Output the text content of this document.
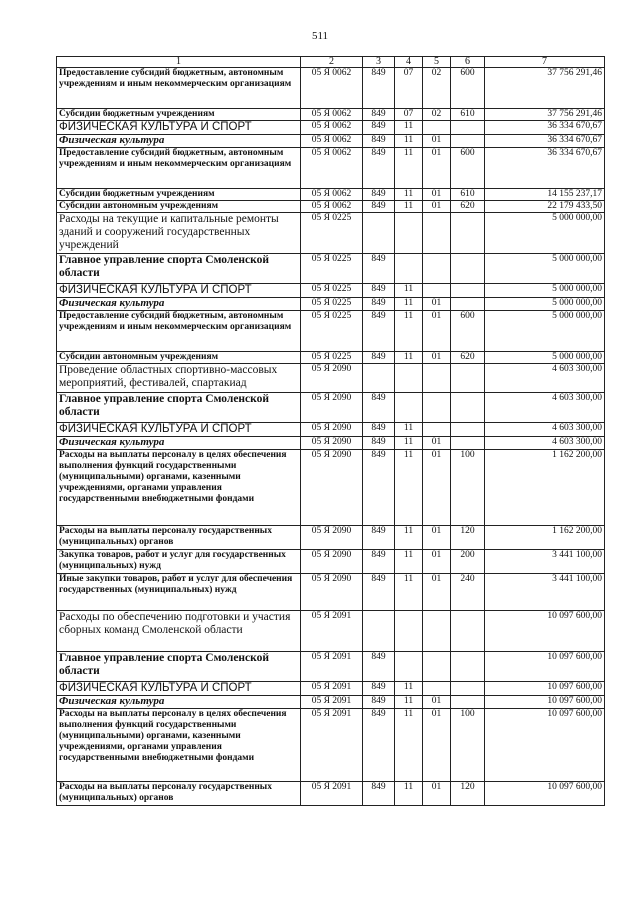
511
1	2	3	4	5	6	7
Предоставление субсидий бюджетным, автономным учреждениям и иным некоммерческим организациям	05 Я 0062	849	07	02	600	37 756 291,46
Субсидии бюджетным учреждениям	05 Я 0062	849	07	02	610	37 756 291,46
ФИЗИЧЕСКАЯ КУЛЬТУРА И СПОРТ	05 Я 0062	849	11			36 334 670,67
Физическая культура	05 Я 0062	849	11	01		36 334 670,67
Предоставление субсидий бюджетным, автономным учреждениям и иным некоммерческим организациям	05 Я 0062	849	11	01	600	36 334 670,67
Субсидии бюджетным учреждениям	05 Я 0062	849	11	01	610	14 155 237,17
Субсидии автономным учреждениям	05 Я 0062	849	11	01	620	22 179 433,50
Расходы на текущие и капитальные ремонты зданий и сооружений государственных учреждений	05 Я 0225					5 000 000,00
Главное управление спорта Смоленской области	05 Я 0225	849				5 000 000,00
ФИЗИЧЕСКАЯ КУЛЬТУРА И СПОРТ	05 Я 0225	849	11			5 000 000,00
Физическая культура	05 Я 0225	849	11	01		5 000 000,00
Предоставление субсидий бюджетным, автономным учреждениям и иным некоммерческим организациям	05 Я 0225	849	11	01	600	5 000 000,00
Субсидии автономным учреждениям	05 Я 0225	849	11	01	620	5 000 000,00
Проведение областных спортивно-массовых мероприятий, фестивалей, спартакиад	05 Я 2090					4 603 300,00
Главное управление спорта Смоленской области	05 Я 2090	849				4 603 300,00
ФИЗИЧЕСКАЯ КУЛЬТУРА И СПОРТ	05 Я 2090	849	11			4 603 300,00
Физическая культура	05 Я 2090	849	11	01		4 603 300,00
Расходы на выплаты персоналу в целях обеспечения выполнения функций государственными (муниципальными) органами, казенными учреждениями, органами управления государственными внебюджетными фондами	05 Я 2090	849	11	01	100	1 162 200,00
Расходы на выплаты персоналу государственных (муниципальных) органов	05 Я 2090	849	11	01	120	1 162 200,00
Закупка товаров, работ и услуг для государственных (муниципальных) нужд	05 Я 2090	849	11	01	200	3 441 100,00
Иные закупки товаров, работ и услуг для обеспечения государственных (муниципальных) нужд	05 Я 2090	849	11	01	240	3 441 100,00
Расходы по обеспечению подготовки и участия сборных команд Смоленской области	05 Я 2091					10 097 600,00
Главное управление спорта Смоленской области	05 Я 2091	849				10 097 600,00
ФИЗИЧЕСКАЯ КУЛЬТУРА И СПОРТ	05 Я 2091	849	11			10 097 600,00
Физическая культура	05 Я 2091	849	11	01		10 097 600,00
Расходы на выплаты персоналу в целях обеспечения выполнения функций государственными (муниципальными) органами, казенными учреждениями, органами управления государственными внебюджетными фондами	05 Я 2091	849	11	01	100	10 097 600,00
Расходы на выплаты персоналу государственных (муниципальных) органов	05 Я 2091	849	11	01	120	10 097 600,00
